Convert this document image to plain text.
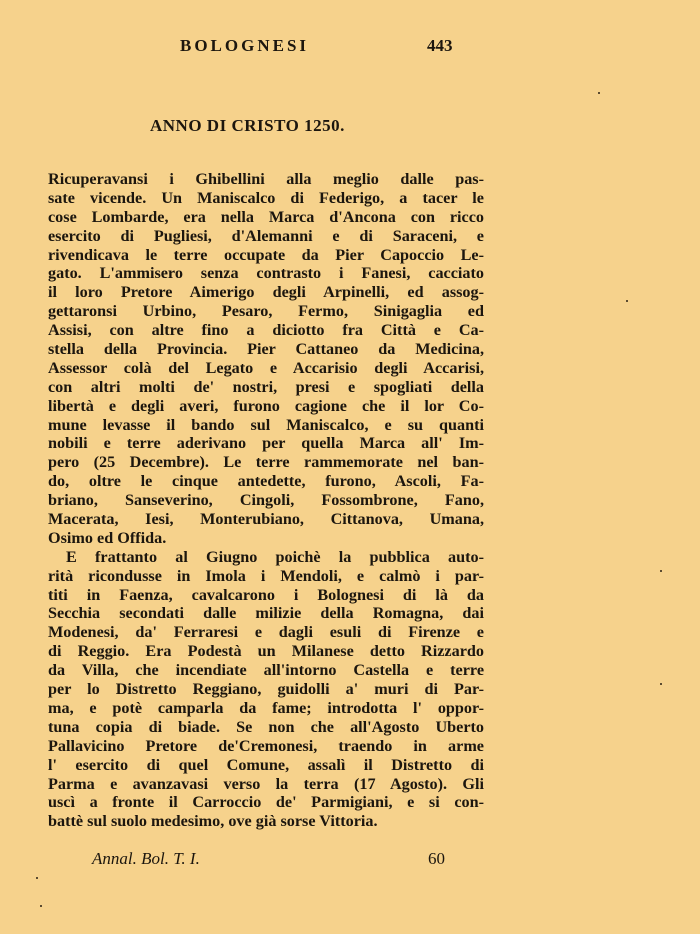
BOLOGNESI	443
ANNO DI CRISTO 1250.
Ricuperavansi i Ghibellini alla meglio dalle pas-
sate vicende. Un Maniscalco di Federigo, a tacer le
cose Lombarde, era nella Marca d'Ancona con ricco
esercito di Pugliesi, d'Alemanni e di Saraceni, e
rivendicava le terre occupate da Pier Capoccio Le-
gato. L'ammisero senza contrasto i Fanesi, cacciato
il loro Pretore Aimerigo degli Arpinelli, ed assog-
gettaronsi Urbino, Pesaro, Fermo, Sinigaglia ed
Assisi, con altre fino a diciotto fra Città e Ca-
stella della Provincia. Pier Cattaneo da Medicina,
Assessor colà del Legato e Accarisio degli Accarisi,
con altri molti de' nostri, presi e spogliati della
libertà e degli averi, furono cagione che il lor Co-
mune levasse il bando sul Maniscalco, e su quanti
nobili e terre aderivano per quella Marca all' Im-
pero (25 Decembre). Le terre rammemorate nel ban-
do, oltre le cinque antedette, furono, Ascoli, Fa-
briano, Sanseverino, Cingoli, Fossombrone, Fano,
Macerata, Iesi, Monterubiano, Cittanova, Umana,
Osimo ed Offida.
E frattanto al Giugno poichè la pubblica auto-
rità ricondusse in Imola i Mendoli, e calmò i par-
titi in Faenza, cavalcarono i Bolognesi di là da
Secchia secondati dalle milizie della Romagna, dai
Modenesi, da' Ferraresi e dagli esuli di Firenze e
di Reggio. Era Podestà un Milanese detto Rizzardo
da Villa, che incendiate all'intorno Castella e terre
per lo Distretto Reggiano, guidolli a' muri di Par-
ma, e potè camparla da fame; introdotta l' oppor-
tuna copia di biade. Se non che all'Agosto Uberto
Pallavicino Pretore de'Cremonesi, traendo in arme
l' esercito di quel Comune, assalì il Distretto di
Parma e avanzavasi verso la terra (17 Agosto). Gli
uscì a fronte il Carroccio de' Parmigiani, e si con-
battè sul suolo medesimo, ove già sorse Vittoria.
Annal. Bol. T. I.	60
